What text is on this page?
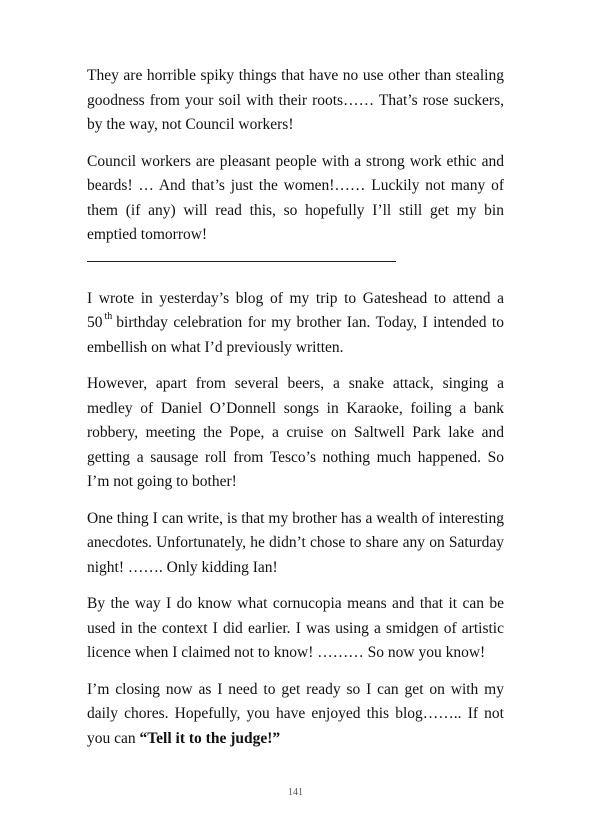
They are horrible spiky things that have no use other than stealing goodness from your soil with their roots…… That’s rose suckers, by the way, not Council workers!

Council workers are pleasant people with a strong work ethic and beards! … And that’s just the women!…… Luckily not many of them (if any) will read this, so hopefully I’ll still get my bin emptied tomorrow!

I wrote in yesterday’s blog of my trip to Gateshead to attend a 50 $^{th}$ birthday celebration for my brother Ian. Today, I intended to embellish on what I’d previously written.

However, apart from several beers, a snake attack, singing a medley of Daniel O’Donnell songs in Karaoke, foiling a bank robbery, meeting the Pope, a cruise on Saltwell Park lake and getting a sausage roll from Tesco’s nothing much happened. So I’m not going to bother!

One thing I can write, is that my brother has a wealth of interesting anecdotes. Unfortunately, he didn’t chose to share any on Saturday night! ……. Only kidding Ian!

By the way I do know what cornucopia means and that it can be used in the context I did earlier. I was using a smidgen of artistic licence when I claimed not to know! ……… So now you know!

I’m closing now as I need to get ready so I can get on with my daily chores. Hopefully, you have enjoyed this blog…….. If not you can “Tell it to the judge!”

141
